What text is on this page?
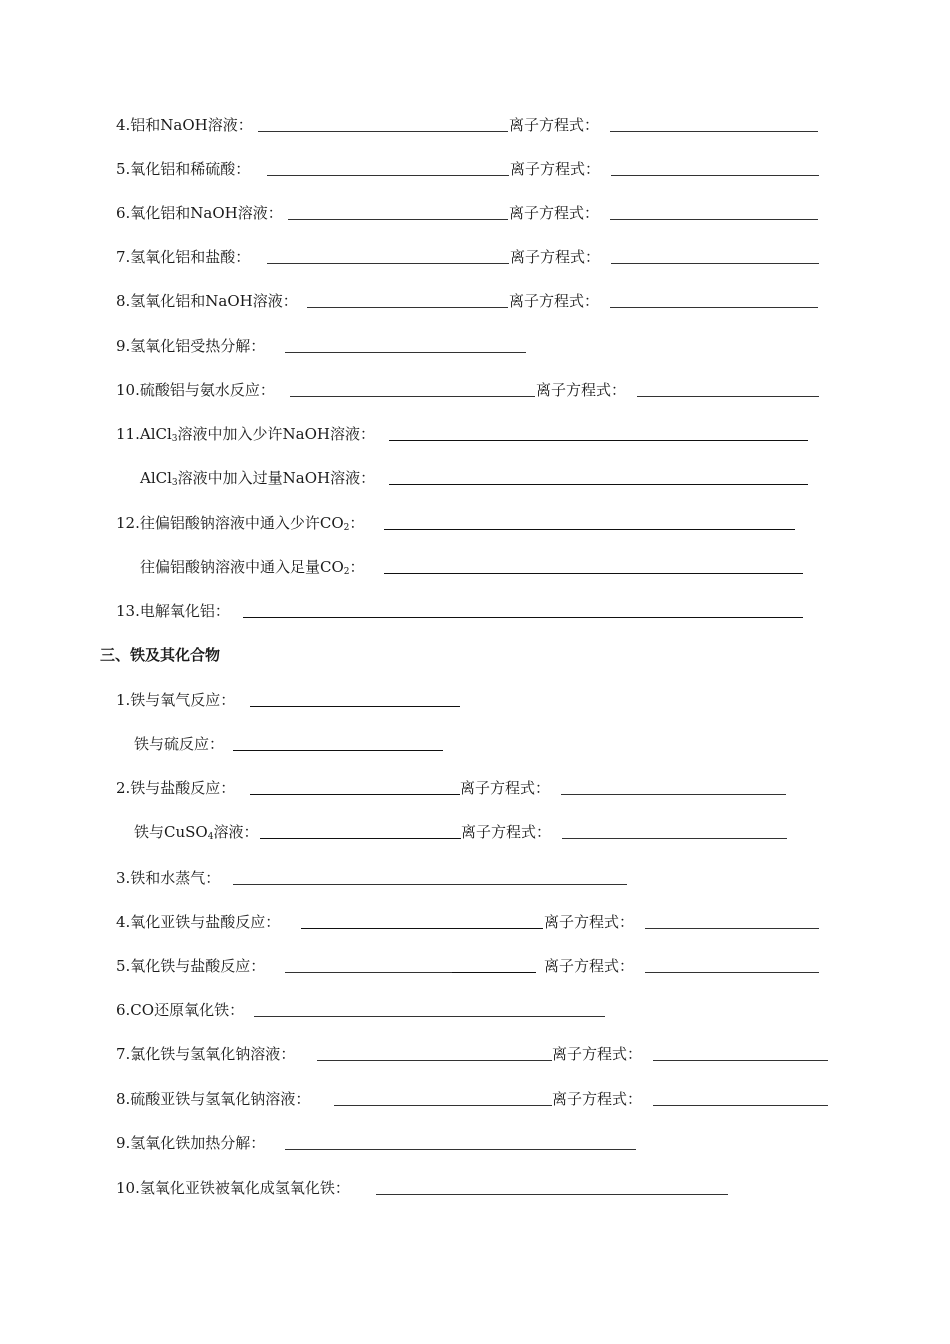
4.铝和NaOH溶液：	离子方程式：
5.氧化铝和稀硫酸：	离子方程式：
6.氧化铝和NaOH溶液：	离子方程式：
7.氢氧化铝和盐酸：	离子方程式：
8.氢氧化铝和NaOH溶液：	离子方程式：
9.氢氧化铝受热分解：
10.硫酸铝与氨水反应：	离子方程式：
11.AlCl$_3$溶液中加入少许NaOH溶液：
AlCl$_3$溶液中加入过量NaOH溶液：
12.往偏铝酸钠溶液中通入少许$CO_2$：
往偏铝酸钠溶液中通入足量$CO_2$：
13.电解氧化铝：
三、铁及其化合物
1.铁与氧气反应：
铁与硫反应：
2.铁与盐酸反应：	离子方程式：
铁与CuSO$_4$溶液：	离子方程式：
3.铁和水蒸气：
4.氧化亚铁与盐酸反应：	离子方程式：
5.氧化铁与盐酸反应：	离子方程式：
6.CO还原氧化铁：
7.氯化铁与氢氧化钠溶液：	离子方程式：
8.硫酸亚铁与氢氧化钠溶液：	离子方程式：
9.氢氧化铁加热分解：
10.氢氧化亚铁被氧化成氢氧化铁：
